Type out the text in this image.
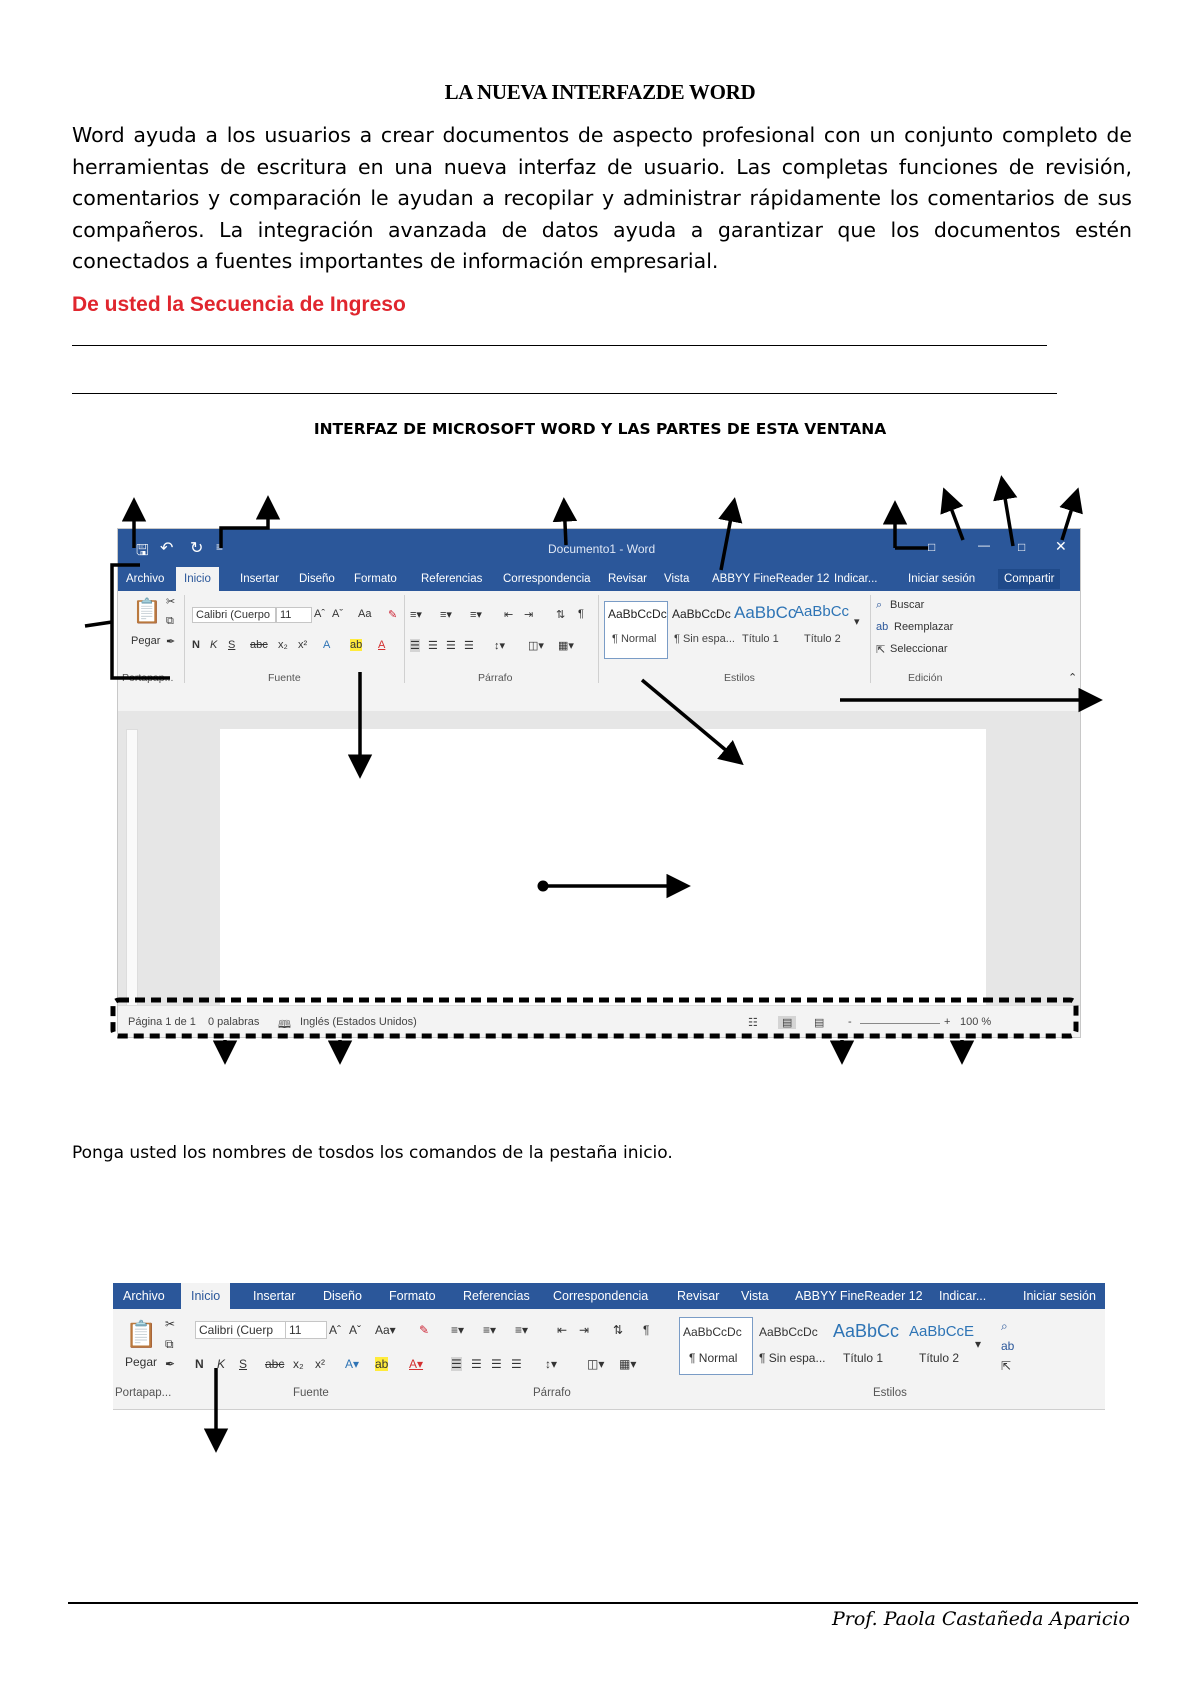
LA NUEVA INTERFAZDE WORD
Word ayuda a los usuarios a crear documentos de aspecto profesional con un conjunto completo de herramientas de escritura en una nueva interfaz de usuario. Las completas funciones de revisión, comentarios y comparación le ayudan a recopilar y administrar rápidamente los comentarios de sus compañeros. La integración avanzada de datos ayuda a garantizar que los documentos estén conectados a fuentes importantes de información empresarial.
De usted la Secuencia de Ingreso
INTERFAZ DE MICROSOFT WORD Y LAS PARTES DE ESTA VENTANA
🖫 ↶ ↻ ≡	Documento1 - Word	□	— □ ✕
Archivo	Inicio	Insertar Diseño Formato Referencias Correspondencia Revisar Vista ABBYY FineReader 12 Indicar...	Iniciar sesión	Compartir
📋
Pegar
✂
⧉
✒
Portapap...
Calibri (Cuerpo 11	Aˆ Aˇ Aa ✎
N K S abc x₂ x² A ab A
Fuente
≡▾ ≡▾ ≡▾ ⇤ ⇥ ⇅ ¶
☰ ☰ ☰ ☰ ↕▾ ◫▾ ▦▾
Párrafo
AaBbCcDc
¶ Normal
AaBbCcDc
¶ Sin espa...
AaBbCc
Título 1
AaBbCc
Título 2
▾
Estilos
⌕ Buscar
ab Reemplazar
⇱ Seleccionar
Edición	⌃
Página 1 de 1 0 palabras 🕮 Inglés (Estados Unidos)	☷	▤	▤ -	+ 100 %
Ponga usted los nombres de tosdos los comandos de la pestaña inicio.
Archivo	Inicio	Insertar Diseño Formato Referencias Correspondencia Revisar Vista ABBYY FineReader 12 Indicar...	Iniciar sesión
📋
Pegar
✂
⧉
✒
Portapap...
Calibri (Cuerp	11	Aˆ Aˇ Aa▾ ✎
N K S abc x₂ x² A▾ ab A▾
Fuente
≡▾ ≡▾ ≡▾ ⇤ ⇥ ⇅ ¶
☰ ☰ ☰ ☰ ↕▾ ◫▾ ▦▾
Párrafo
AaBbCcDc
¶ Normal
AaBbCcDc
¶ Sin espa...
AaBbCc
Título 1
AaBbCcE
Título 2
▾
Estilos
⌕
ab
⇱
Prof. Paola Castañeda Aparicio
